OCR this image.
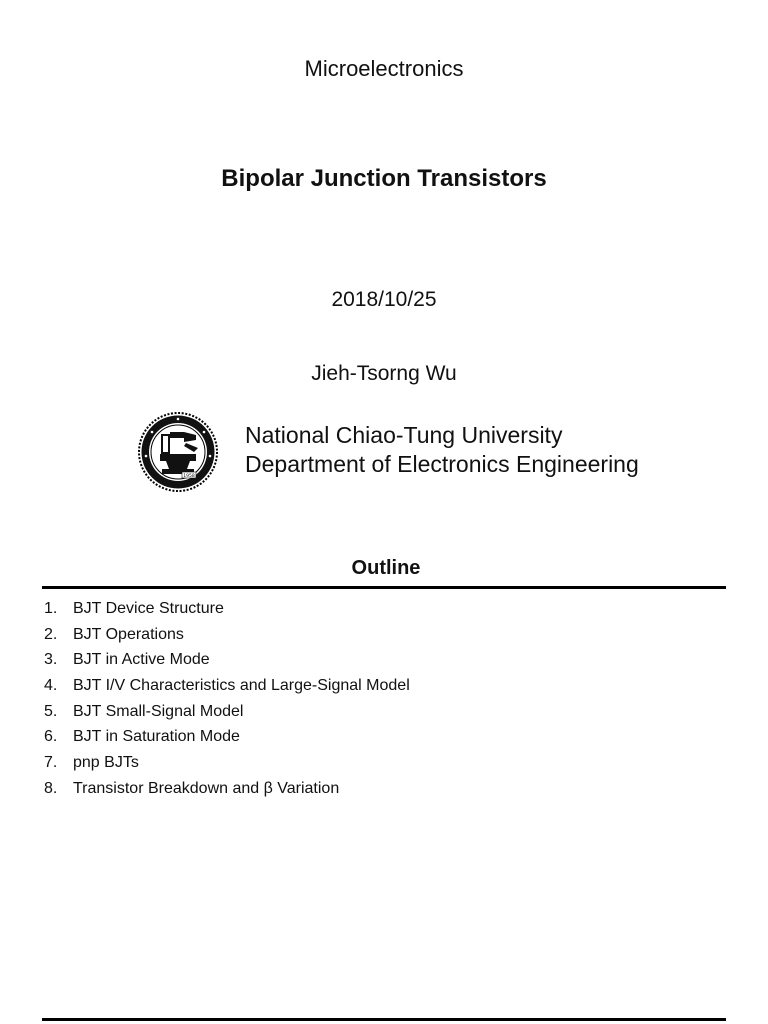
Microelectronics
Bipolar Junction Transistors
2018/10/25
Jieh-Tsorng Wu
1958
National Chiao-Tung University
Department of Electronics Engineering
Outline
1. BJT Device Structure
2. BJT Operations
3. BJT in Active Mode
4. BJT I/V Characteristics and Large-Signal Model
5. BJT Small-Signal Model
6. BJT in Saturation Mode
7. pnp BJTs
8. Transistor Breakdown and β Variation
